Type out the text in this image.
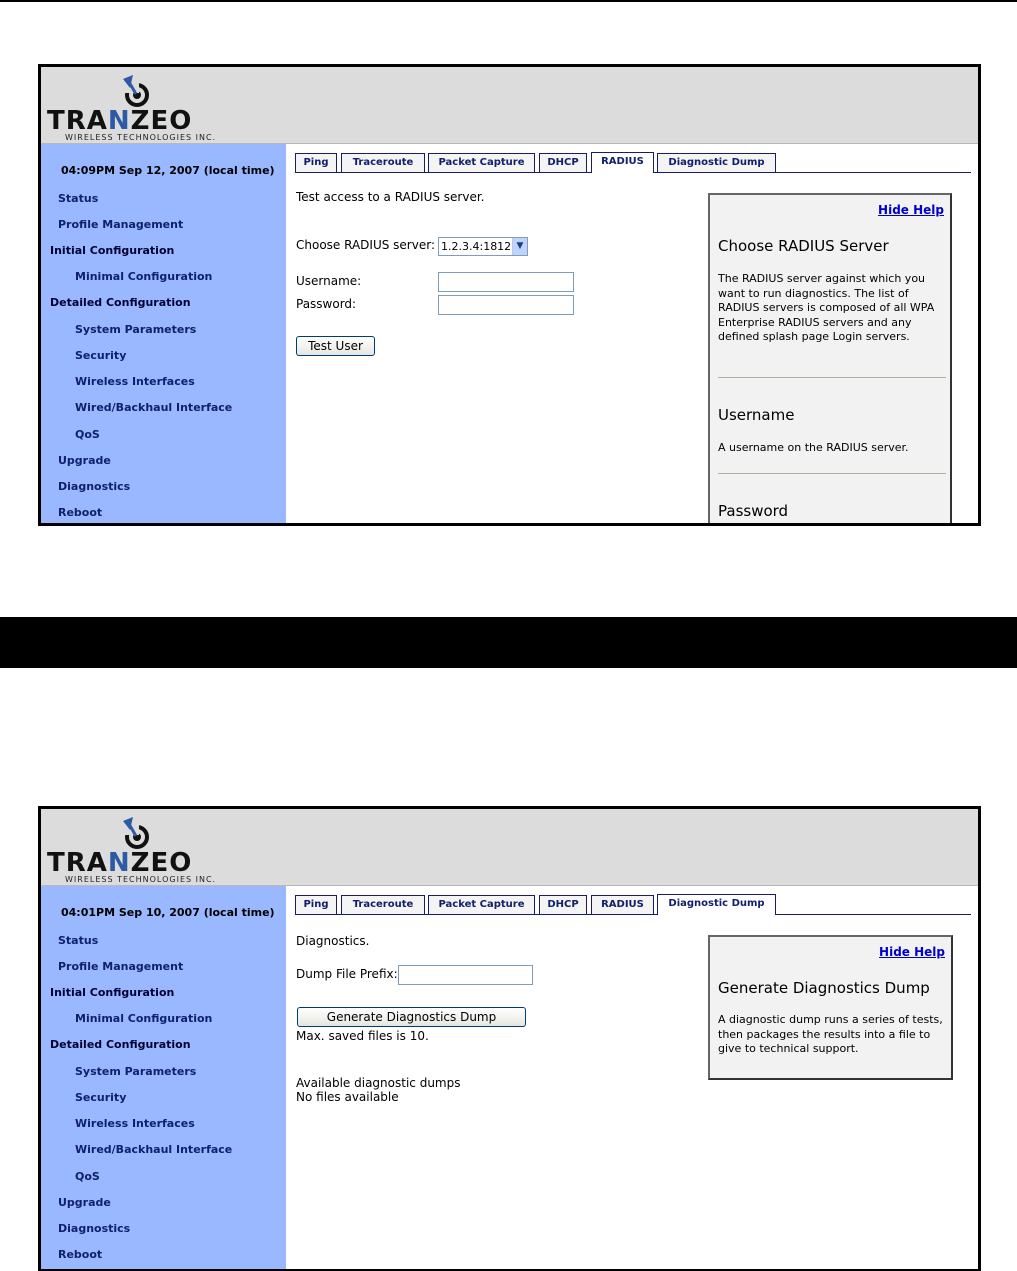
TRANZEO
WIRELESS TECHNOLOGIES INC.
04:09PM Sep 12, 2007 (local time)
Status
Profile Management
Initial Configuration
Minimal Configuration
Detailed Configuration
System Parameters
Security
Wireless Interfaces
Wired/Backhaul Interface
QoS
Upgrade
Diagnostics
Reboot
Ping	Traceroute	Packet Capture	DHCP	RADIUS	Diagnostic Dump
Test access to a RADIUS server.
Choose RADIUS server: 1.2.3.4:1812 ▼
Username:
Password:
Test User
Hide Help
Choose RADIUS Server
The RADIUS server against which you want to run diagnostics. The list of RADIUS servers is composed of all WPA Enterprise RADIUS servers and any defined splash page Login servers.
Username
A username on the RADIUS server.
Password
TRANZEO
WIRELESS TECHNOLOGIES INC.
04:01PM Sep 10, 2007 (local time)
Status
Profile Management
Initial Configuration
Minimal Configuration
Detailed Configuration
System Parameters
Security
Wireless Interfaces
Wired/Backhaul Interface
QoS
Upgrade
Diagnostics
Reboot
Ping	Traceroute	Packet Capture	DHCP	RADIUS	Diagnostic Dump
Diagnostics.
Dump File Prefix:
Generate Diagnostics Dump
Max. saved files is 10.
Available diagnostic dumps
No files available
Hide Help
Generate Diagnostics Dump
A diagnostic dump runs a series of tests, then packages the results into a file to give to technical support.
